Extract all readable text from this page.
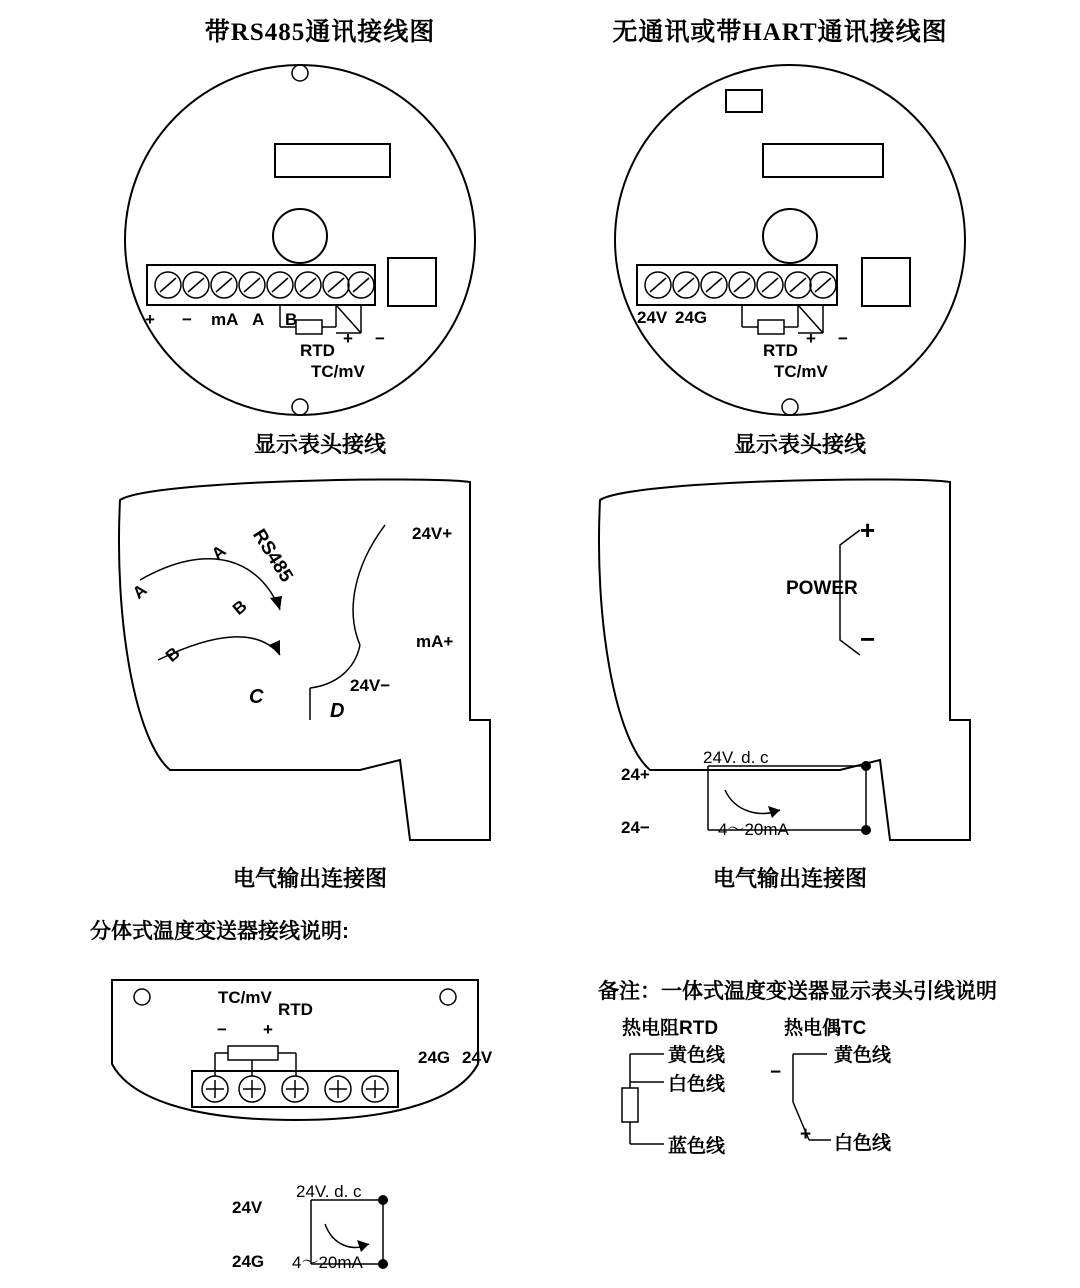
带RS485通讯接线图	无通讯或带HART通讯接线图
+ − mA A B
RTD
+ −
TC/mV
24V 24G
RTD
+ −
TC/mV
显示表头接线	显示表头接线
A
A
B
B
RS485
C
D
24V+
mA+
24V−
+
−
POWER
24V. d. c
24+
24−	4～20mA
电气输出连接图	电气输出连接图
分体式温度变送器接线说明:
TC/mV
RTD
− +
24G 24V
24V. d. c
24V
24G 4～20mA
备注：一体式温度变送器显示表头引线说明
热电阻RTD	热电偶TC
黄色线
白色线
蓝色线
黄色线
白色线
−
+
